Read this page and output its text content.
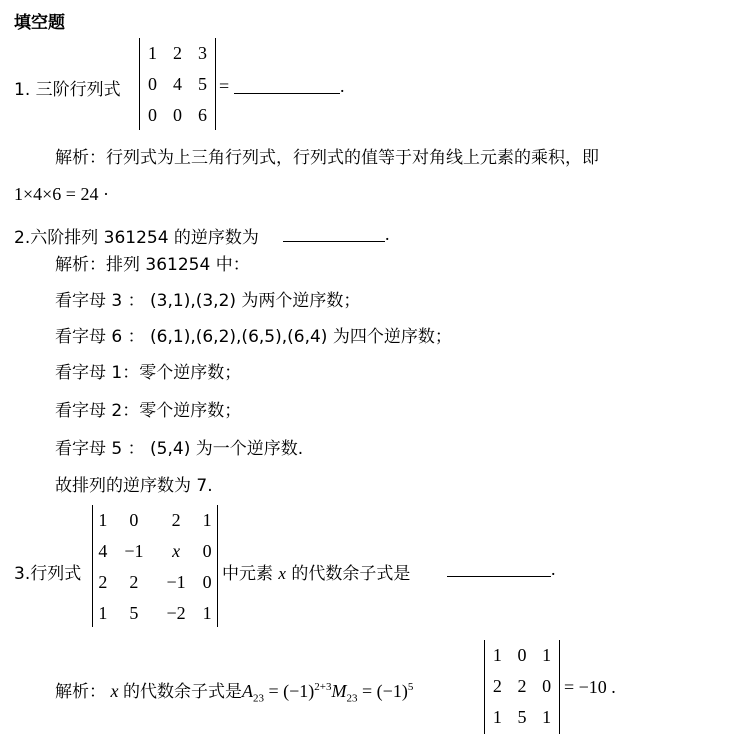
填空题
1. 三阶行列式
1	2	3
0	4	5
0	0	6
=	.
解析：行列式为上三角行列式，行列式的值等于对角线上元素的乘积，即
1×4×6 = 24 ·
2.六阶排列 361254 的逆序数为	.
解析：排列 361254 中：
看字母 3 ： (3,1),(3,2) 为两个逆序数；
看字母 6 ： (6,1),(6,2),(6,5),(6,4) 为四个逆序数；
看字母 1：零个逆序数；
看字母 2：零个逆序数；
看字母 5 ： (5,4) 为一个逆序数.
故排列的逆序数为 7.
3.行列式
1	0	2	1
4	−1	x	0
2	2	−1	0
1	5	−2	1
中元素 x 的代数余子式是	.
解析： x 的代数余子式是$A_{23} = (-1)^{2+3}M_{23} = (-1)^5$
1	0	1
2	2	0
1	5	1
= −10 .
